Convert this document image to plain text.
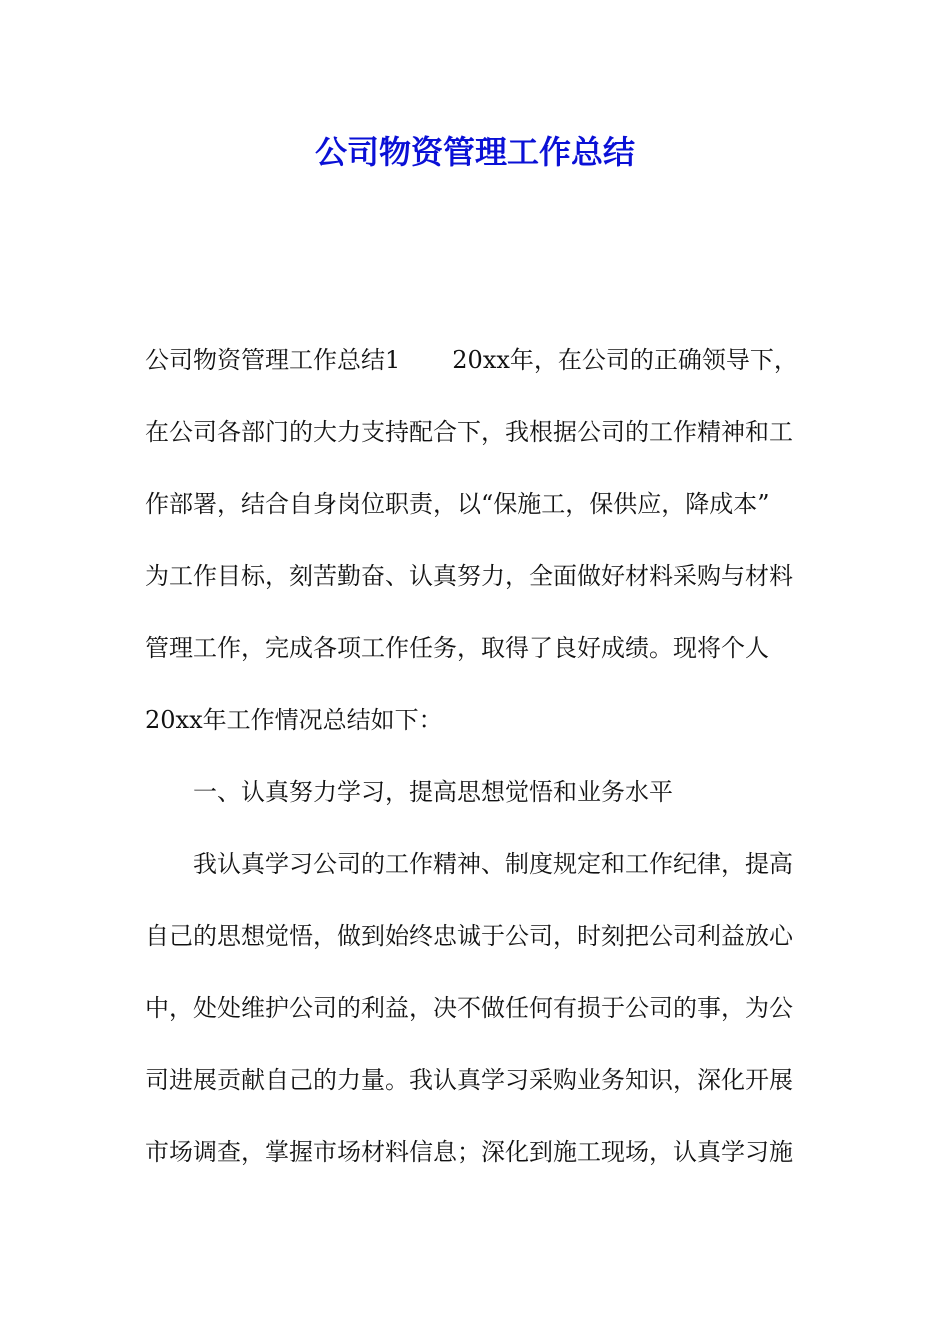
公司物资管理工作总结
公司物资管理工作总结1 20xx年，在公司的正确领导下，
在公司各部门的大力支持配合下，我根据公司的工作精神和工
作部署，结合自身岗位职责，以“保施工，保供应，降成本”
为工作目标，刻苦勤奋、认真努力，全面做好材料采购与材料
管理工作，完成各项工作任务，取得了良好成绩。现将个人
20xx年工作情况总结如下：
一、认真努力学习，提高思想觉悟和业务水平
我认真学习公司的工作精神、制度规定和工作纪律，提高
自己的思想觉悟，做到始终忠诚于公司，时刻把公司利益放心
中，处处维护公司的利益，决不做任何有损于公司的事，为公
司进展贡献自己的力量。我认真学习采购业务知识，深化开展
市场调查，掌握市场材料信息；深化到施工现场，认真学习施
